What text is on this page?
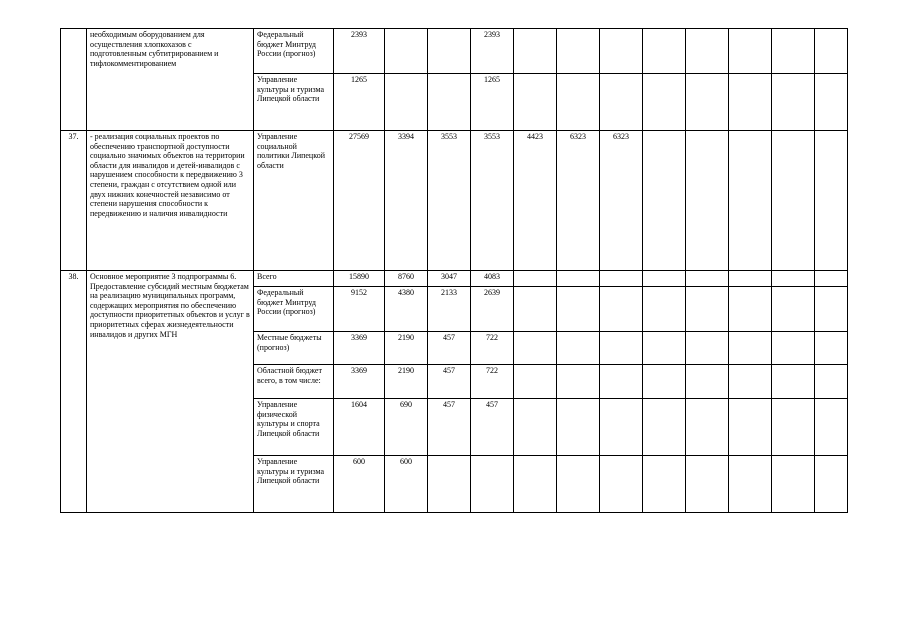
	необходимым оборудованием для осуществления хлопкохазов с подготовленным субтитрированием и тифлокомментированием	Федеральный бюджет Минтруд России (прогноз)	2393			2393								
		Управление культуры и туризма Липецкой области	1265			1265								
37.	- реализация социальных проектов по обеспечению транспортной доступности социально значимых объектов на территории области для инвалидов и детей-инвалидов с нарушением способности к передвижению 3 степени, граждан с отсутствием одной или двух нижних конечностей независимо от степени нарушения способности к передвижению и наличия инвалидности	Управление социальной политики Липецкой области	27569	3394	3553	3553	4423	6323	6323					
38.	Основное мероприятие 3 подпрограммы 6. Предоставление субсидий местным бюджетам на реализацию муниципальных программ, содержащих мероприятия по обеспечению доступности приоритетных объектов и услуг в приоритетных сферах жизнедеятельности инвалидов и других МГН	Всего	15890	8760	3047	4083								
		Федеральный бюджет Минтруд России (прогноз)	9152	4380	2133	2639								
		Местные бюджеты (прогноз)	3369	2190	457	722								
		Областной бюджет всего, в том числе:	3369	2190	457	722								
		Управление физической культуры и спорта Липецкой области	1604	690	457	457								
		Управление культуры и туризма Липецкой области	600	600										
